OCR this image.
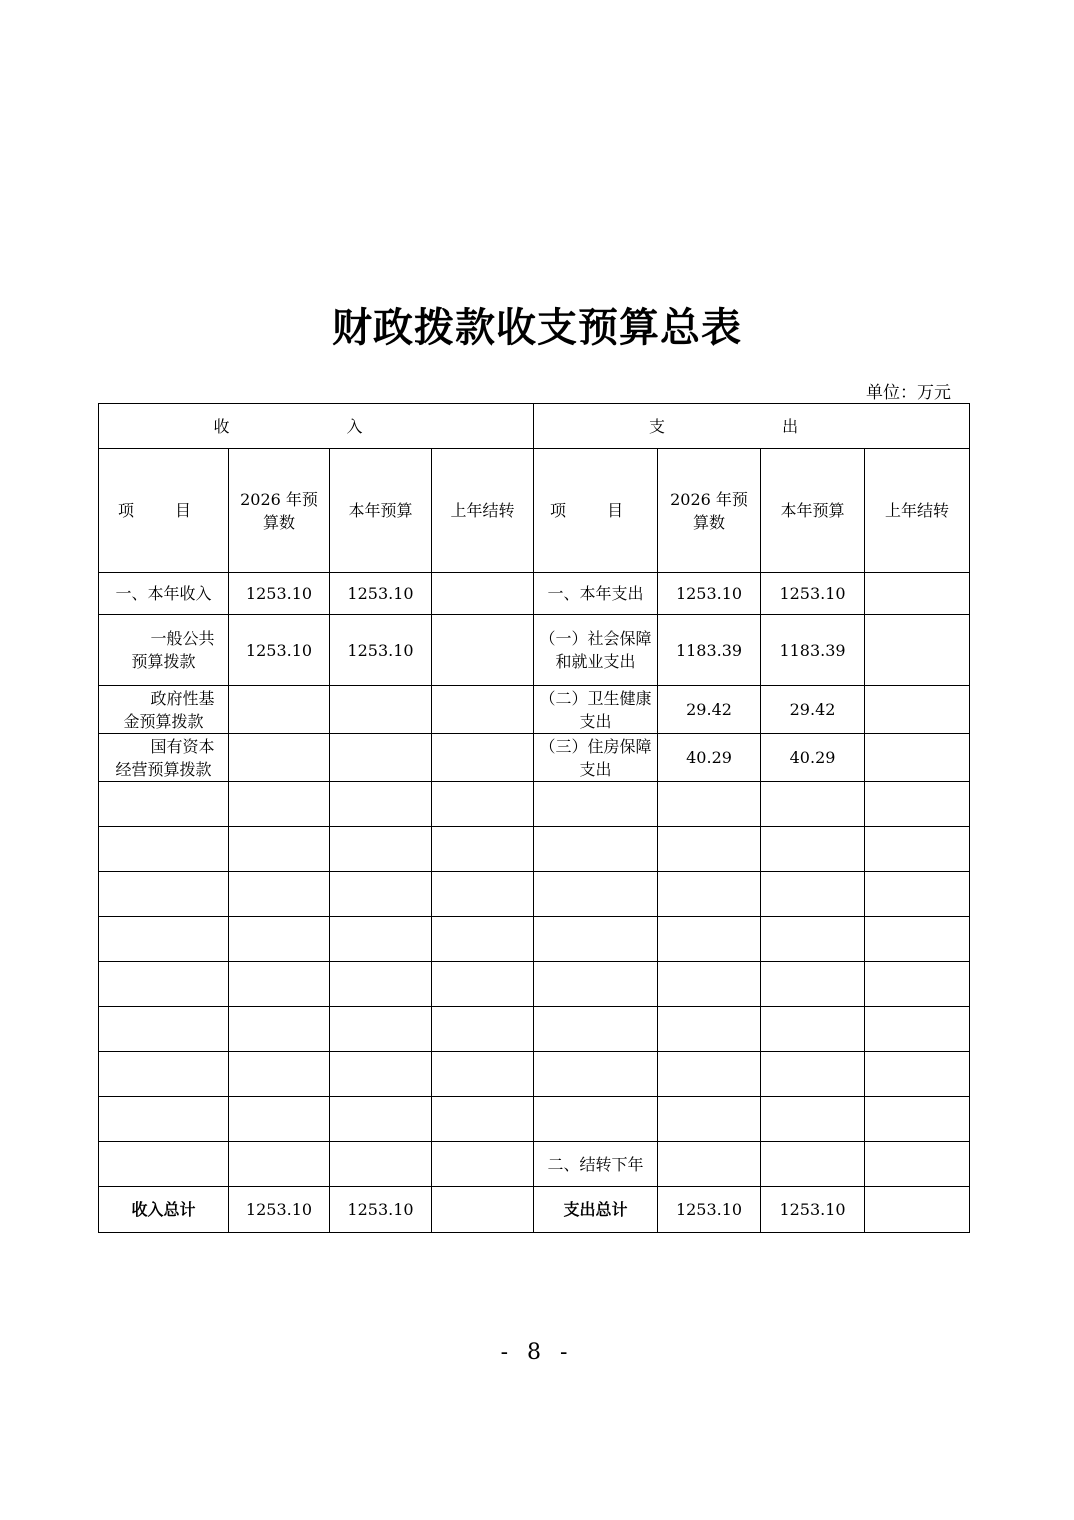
财政拨款收支预算总表
单位：万元
收 入				支 出			
项 目	2026 年预算数	本年预算	上年结转	项 目	2026 年预算数	本年预算	上年结转
一、本年收入	1253.10	1253.10		一、本年支出	1253.10	1253.10	

一般公共
预算拨款	1253.10	1253.10		（一）社会保障和就业支出	1183.39	1183.39	

政府性基
金预算拨款				（二）卫生健康支出	29.42	29.42	

国有资本
经营预算拨款				（三）住房保障支出	40.29	40.29	

				二、结转下年			
收入总计	1253.10	1253.10		支出总计	1253.10	1253.10	
- 8 -
